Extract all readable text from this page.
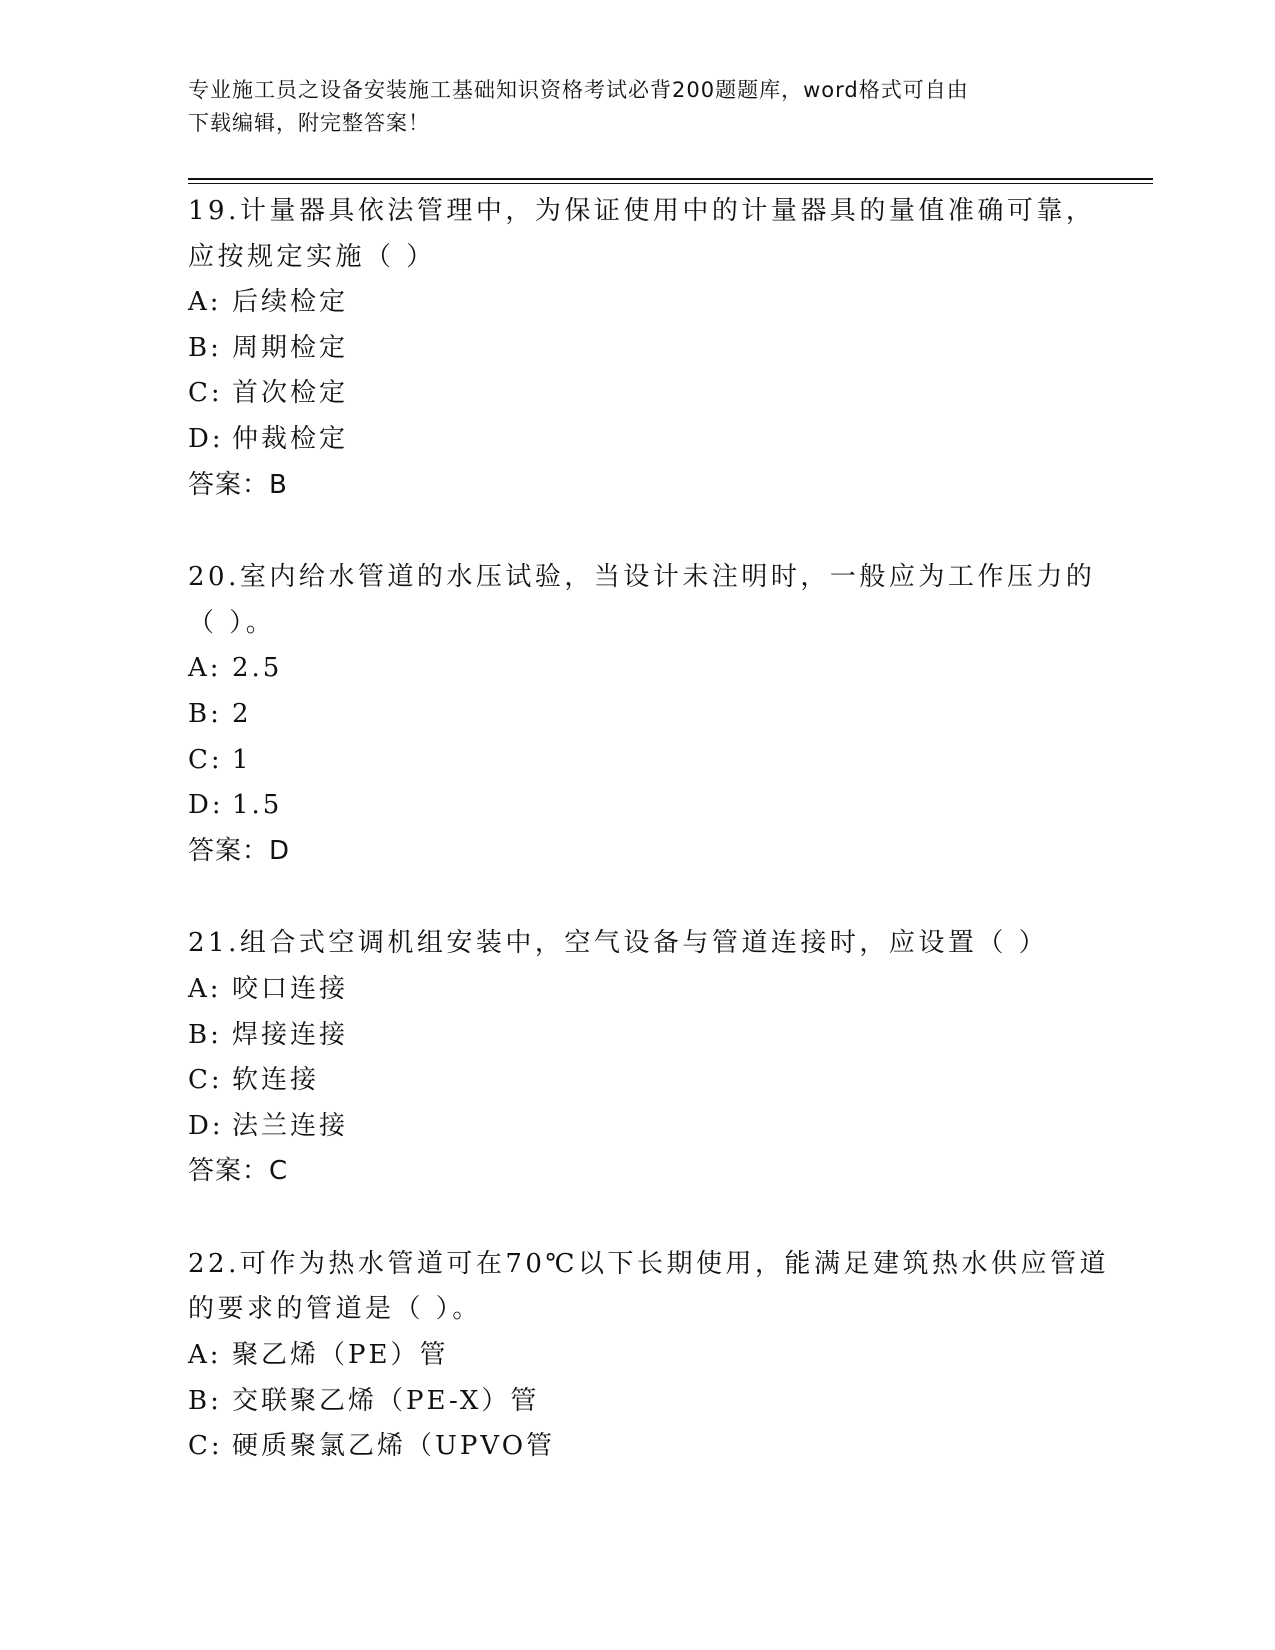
专业施工员之设备安装施工基础知识资格考试必背200题题库，word格式可自由
下载编辑，附完整答案！
19.计量器具依法管理中，为保证使用中的计量器具的量值准确可靠，
应按规定实施（ ）
A: 后续检定
B: 周期检定
C: 首次检定
D: 仲裁检定
答案：B
20.室内给水管道的水压试验，当设计未注明时，一般应为工作压力的
（ ）。
A: 2.5
B: 2
C: 1
D: 1.5
答案：D
21.组合式空调机组安装中，空气设备与管道连接时，应设置（ ）
A: 咬口连接
B: 焊接连接
C: 软连接
D: 法兰连接
答案：C
22.可作为热水管道可在70℃以下长期使用，能满足建筑热水供应管道
的要求的管道是（ ）。
A: 聚乙烯（PE）管
B: 交联聚乙烯（PE-X）管
C: 硬质聚氯乙烯（UPVO管
